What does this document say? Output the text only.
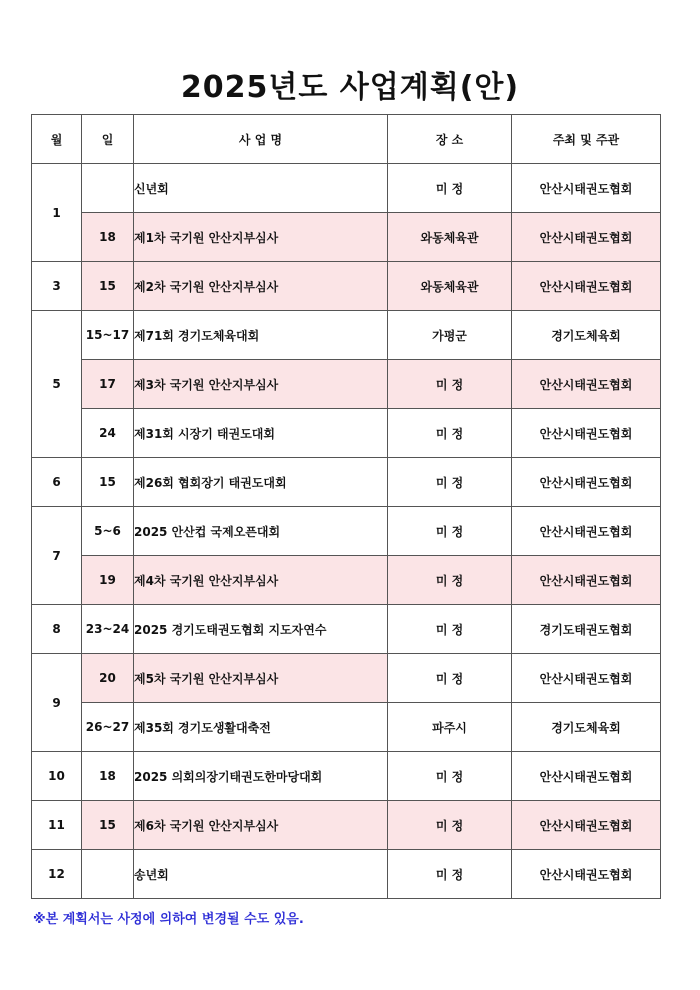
2025년도 사업계획(안)
월	일	사 업 명	장 소	주최 및 주관
1		신년회	미 정	안산시태권도협회
	18	제1차 국기원 안산지부심사	와동체육관	안산시태권도협회
3	15	제2차 국기원 안산지부심사	와동체육관	안산시태권도협회
5	15~17	제71회 경기도체육대회	가평군	경기도체육회
	17	제3차 국기원 안산지부심사	미 정	안산시태권도협회
	24	제31회 시장기 태권도대회	미 정	안산시태권도협회
6	15	제26회 협회장기 태권도대회	미 정	안산시태권도협회
7	5~6	2025 안산컵 국제오픈대회	미 정	안산시태권도협회
	19	제4차 국기원 안산지부심사	미 정	안산시태권도협회
8	23~24	2025 경기도태권도협회 지도자연수	미 정	경기도태권도협회
9	20	제5차 국기원 안산지부심사	미 정	안산시태권도협회
	26~27	제35회 경기도생활대축전	파주시	경기도체육회
10	18	2025 의회의장기태권도한마당대회	미 정	안산시태권도협회
11	15	제6차 국기원 안산지부심사	미 정	안산시태권도협회
12		송년회	미 정	안산시태권도협회
※본 계획서는 사정에 의하여 변경될 수도 있음.
